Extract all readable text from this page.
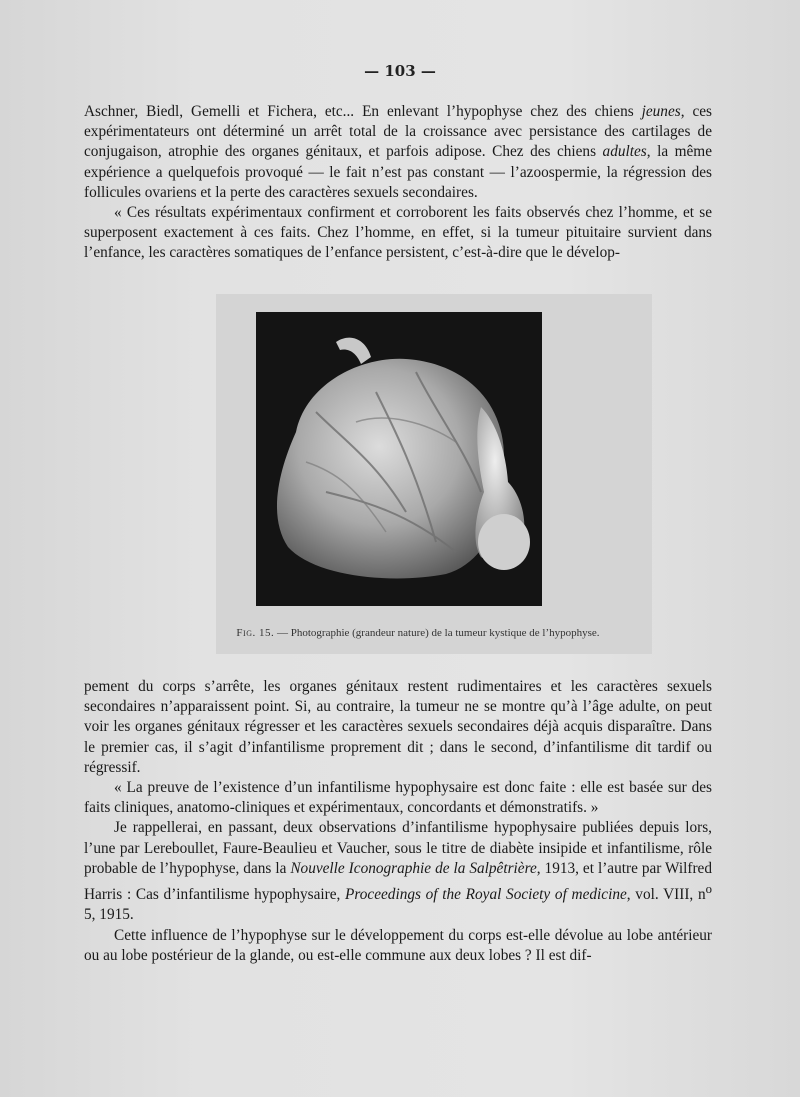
— 103 —

Aschner, Biedl, Gemelli et Fichera, etc... En enlevant l’hypophyse chez des chiens jeunes, ces expérimentateurs ont déterminé un arrêt total de la croissance avec persistance des cartilages de conjugaison, atrophie des organes génitaux, et parfois adipose. Chez des chiens adultes, la même expérience a quelquefois provoqué — le fait n’est pas constant — l’azoospermie, la régression des follicules ovariens et la perte des caractères sexuels secondaires.

« Ces résultats expérimentaux confirment et corroborent les faits observés chez l’homme, et se superposent exactement à ces faits. Chez l’homme, en effet, si la tumeur pituitaire survient dans l’enfance, les caractères somatiques de l’enfance persistent, c’est-à-dire que le dévelop-

Fig. 15. — Photographie (grandeur nature) de la tumeur kystique de l’hypophyse.

pement du corps s’arrête, les organes génitaux restent rudimentaires et les caractères sexuels secondaires n’apparaissent point. Si, au contraire, la tumeur ne se montre qu’à l’âge adulte, on peut voir les organes génitaux régresser et les caractères sexuels secondaires déjà acquis disparaître. Dans le premier cas, il s’agit d’infantilisme proprement dit ; dans le second, d’infantilisme dit tardif ou régressif.

« La preuve de l’existence d’un infantilisme hypophysaire est donc faite : elle est basée sur des faits cliniques, anatomo-cliniques et expérimentaux, concordants et démonstratifs. »

Je rappellerai, en passant, deux observations d’infantilisme hypophysaire publiées depuis lors, l’une par Lereboullet, Faure-Beaulieu et Vaucher, sous le titre de diabète insipide et infantilisme, rôle probable de l’hypophyse, dans la Nouvelle Iconographie de la Salpêtrière, 1913, et l’autre par Wilfred Harris : Cas d’infantilisme hypophysaire, Proceedings of the Royal Society of medicine, vol. VIII, $n^o$ 5, 1915.

Cette influence de l’hypophyse sur le développement du corps est-elle dévolue au lobe antérieur ou au lobe postérieur de la glande, ou est-elle commune aux deux lobes ? Il est dif-
